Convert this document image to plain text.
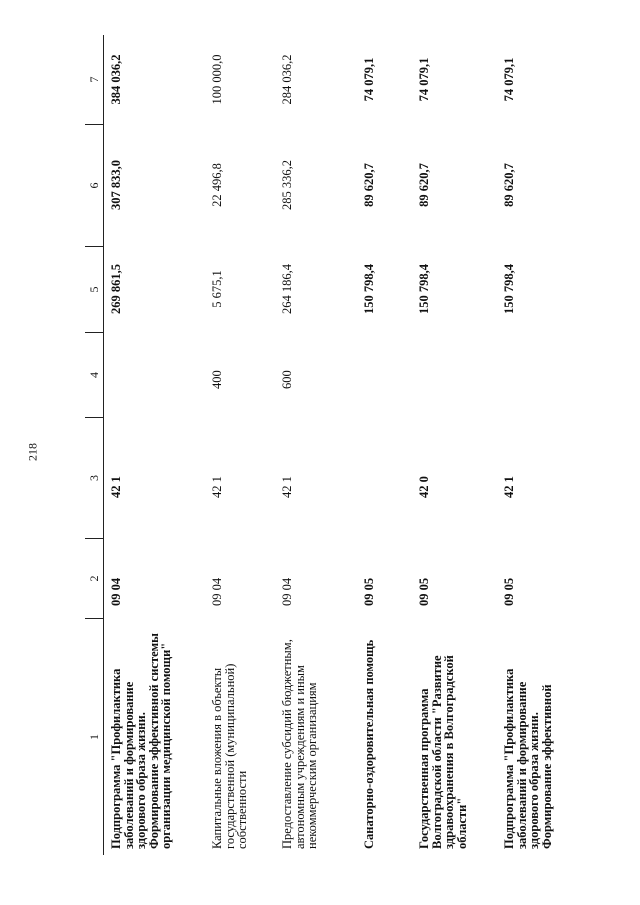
218
1
2
3
4
5
6
7
Подпрограмма "Профилактика заболеваний и формирование здорового образа жизни. Формирование эффективной системы организации медицинской помощи"
09 04
42 1
269 861,5
307 833,0
384 036,2
Капитальные вложения в объекты государственной (муниципальной) собственности
09 04
42 1
400
5 675,1
22 496,8
100 000,0
Предоставление субсидий бюджетным, автономным учреждениям и иным некоммерческим организациям
09 04
42 1
600
264 186,4
285 336,2
284 036,2
Санаторно-оздоровительная помощь
09 05
150 798,4
89 620,7
74 079,1
Государственная программа Волгоградской области "Развитие здравоохранения в Волгоградской области"
09 05
42 0
150 798,4
89 620,7
74 079,1
Подпрограмма "Профилактика заболеваний и формирование здорового образа жизни. Формирование эффективной
09 05
42 1
150 798,4
89 620,7
74 079,1
